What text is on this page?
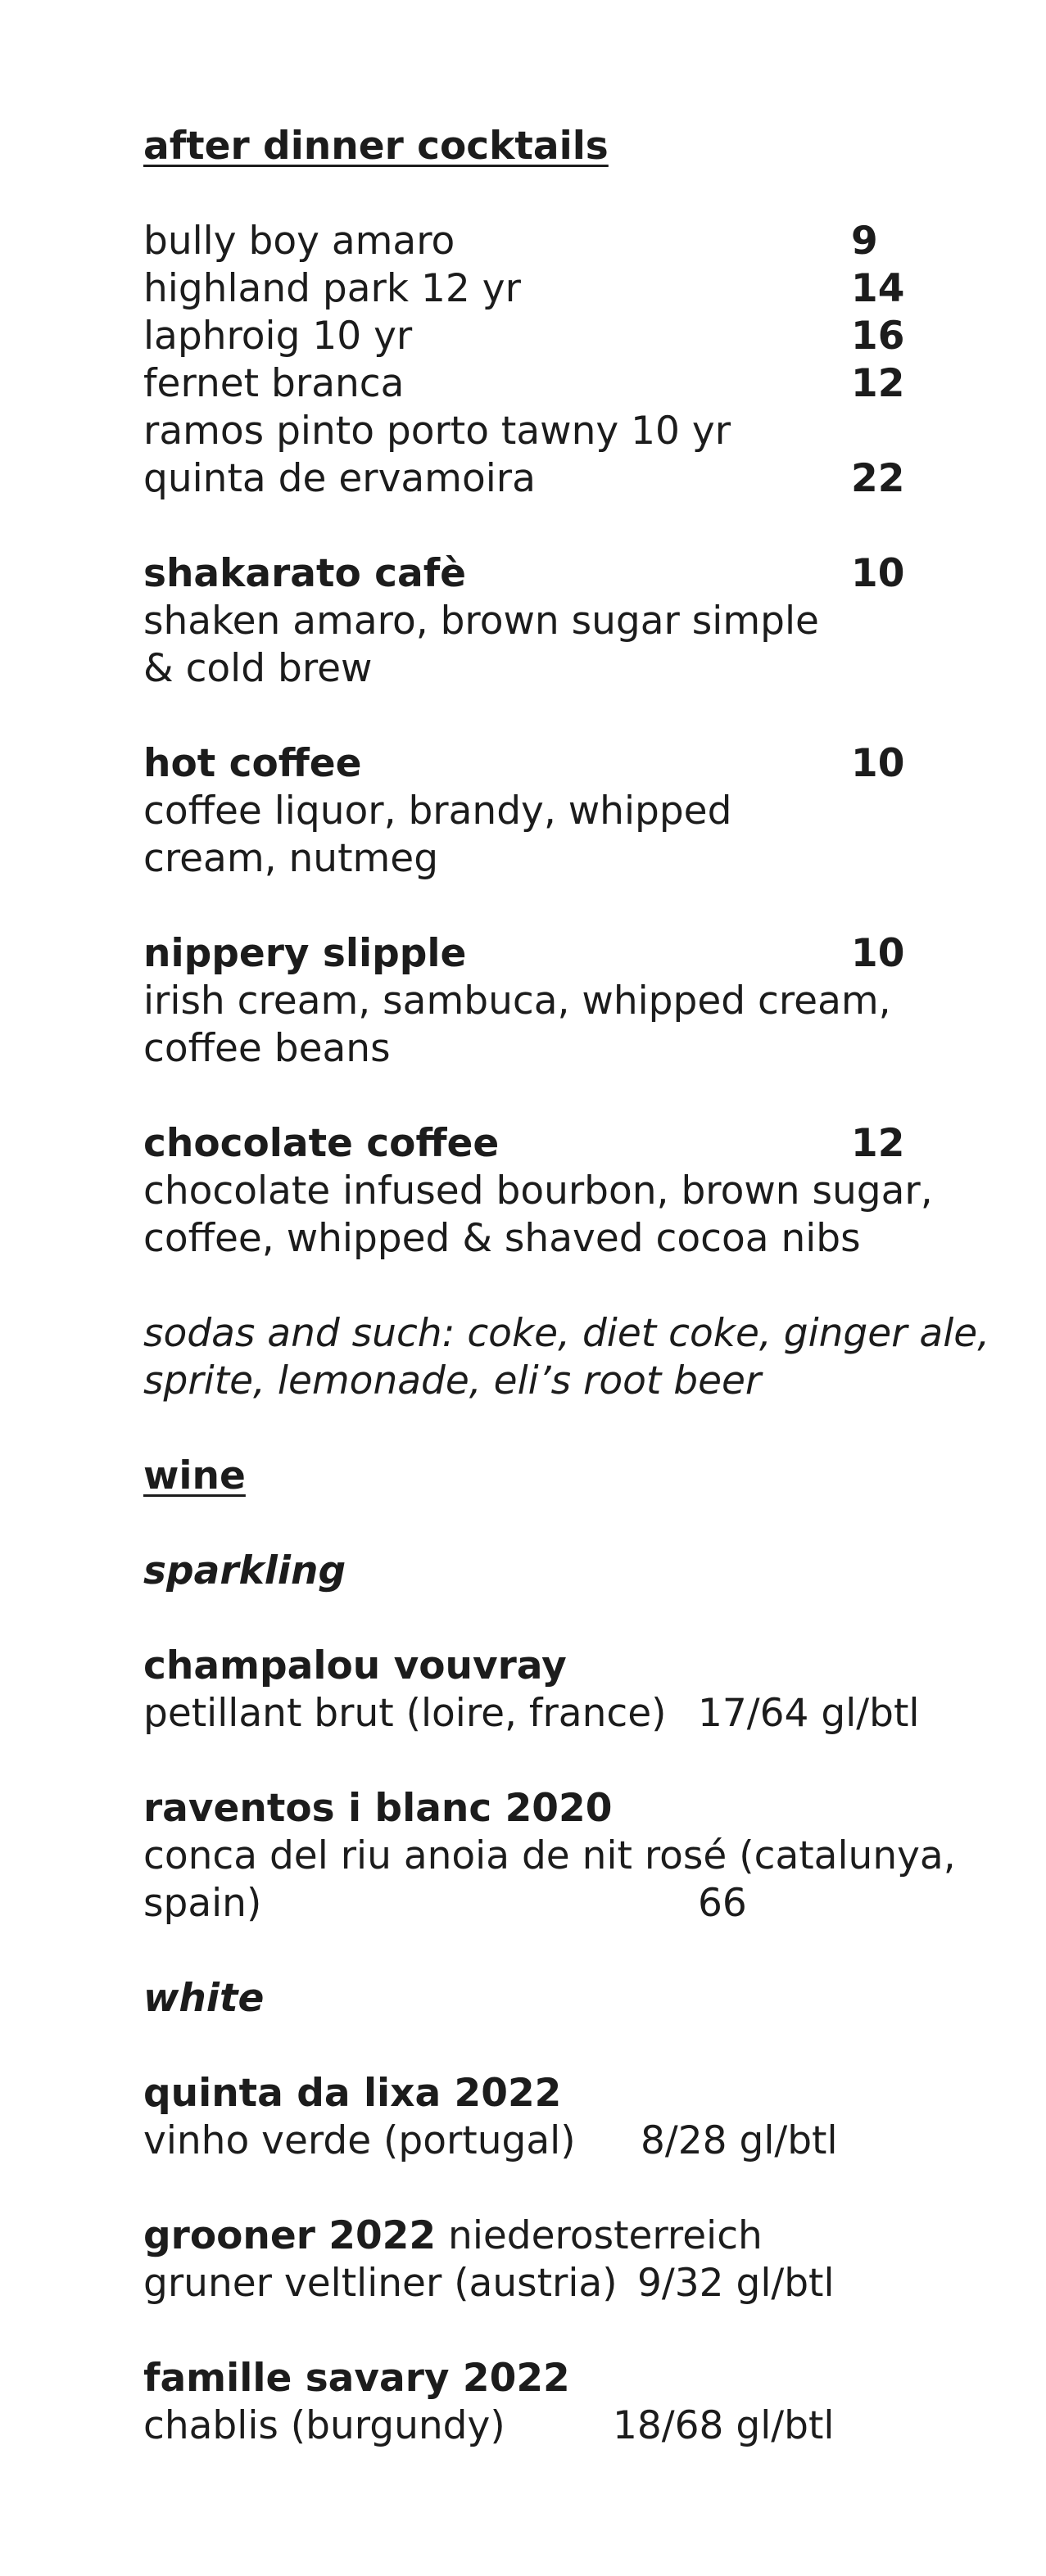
after dinner cocktails
bully boy amaro	9
highland park 12 yr	14
laphroig 10 yr	16
fernet branca	12
ramos pinto porto tawny 10 yr
quinta de ervamoira	22
shakarato cafè	10
shaken amaro, brown sugar simple
& cold brew
hot coffee	10
coffee liquor, brandy, whipped
cream, nutmeg
nippery slipple	10
irish cream, sambuca, whipped cream,
coffee beans
chocolate coffee	12
chocolate infused bourbon, brown sugar,
coffee, whipped & shaved cocoa nibs
sodas and such: coke, diet coke, ginger ale,
sprite, lemonade, eli’s root beer
wine
sparkling
champalou vouvray
petillant brut (loire, france) 17/64 gl/btl
raventos i blanc 2020
conca del riu anoia de nit rosé (catalunya,
spain)	66
white
quinta da lixa 2022
vinho verde (portugal) 8/28 gl/btl
grooner 2022 niederosterreich
gruner veltliner (austria) 9/32 gl/btl
famille savary 2022
chablis (burgundy)	18/68 gl/btl
